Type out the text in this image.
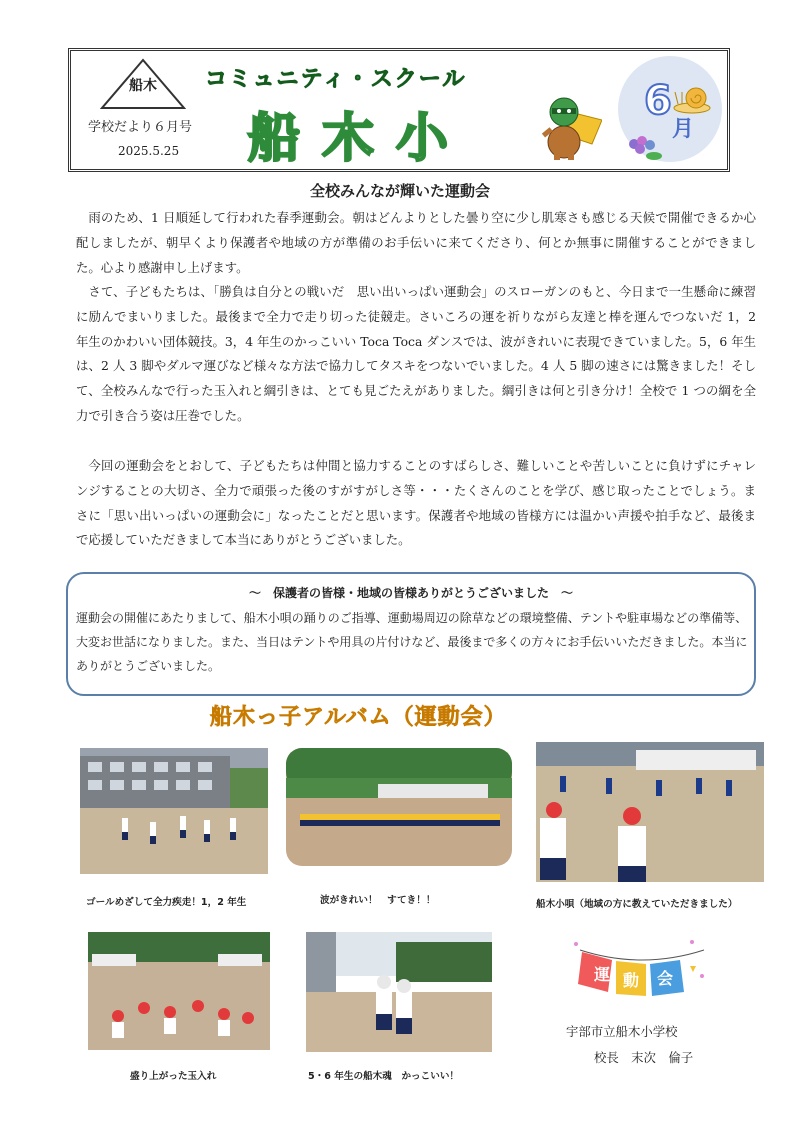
船木
学校だより６月号
2025.5.25
コミュニティ・スクール
船木小
6
月
全校みんなが輝いた運動会
雨のため、1 日順延して行われた春季運動会。朝はどんよりとした曇り空に少し肌寒さも感じる天候で開催できるか心配しましたが、朝早くより保護者や地域の方が準備のお手伝いに来てくださり、何とか無事に開催することができました。心より感謝申し上げます。
さて、子どもたちは、「勝負は自分との戦いだ　思い出いっぱい運動会」のスローガンのもと、今日まで一生懸命に練習に励んでまいりました。最後まで全力で走り切った徒競走。さいころの運を祈りながら友達と棒を運んでつないだ 1，2 年生のかわいい団体競技。3，4 年生のかっこいい Toca Toca ダンスでは、波がきれいに表現できていました。5，6 年生は、2 人 3 脚やダルマ運びなど様々な方法で協力してタスキをつないでいました。4 人 5 脚の速さには驚きました！そして、全校みんなで行った玉入れと綱引きは、とても見ごたえがありました。綱引きは何と引き分け！全校で 1 つの綱を全力で引き合う姿は圧巻でした。
今回の運動会をとおして、子どもたちは仲間と協力することのすばらしさ、難しいことや苦しいことに負けずにチャレンジすることの大切さ、全力で頑張った後のすがすがしさ等・・・たくさんのことを学び、感じ取ったことでしょう。まさに「思い出いっぱいの運動会に」なったことだと思います。保護者や地域の皆様方には温かい声援や拍手など、最後まで応援していただきまして本当にありがとうございました。
～　保護者の皆様・地域の皆様ありがとうございました　～
運動会の開催にあたりまして、船木小唄の踊りのご指導、運動場周辺の除草などの環境整備、テントや駐車場などの準備等、大変お世話になりました。また、当日はテントや用具の片付けなど、最後まで多くの方々にお手伝いいただきました。本当にありがとうございました。
船木っ子アルバム（運動会）
ゴールめざして全力疾走！1，2 年生	波がきれい！　すてき！！	船木小唄（地域の方に教えていただきました）
盛り上がった玉入れ	5・6 年生の船木魂　かっこいい！
運 動 会
宇部市立船木小学校
校長　末次　倫子
